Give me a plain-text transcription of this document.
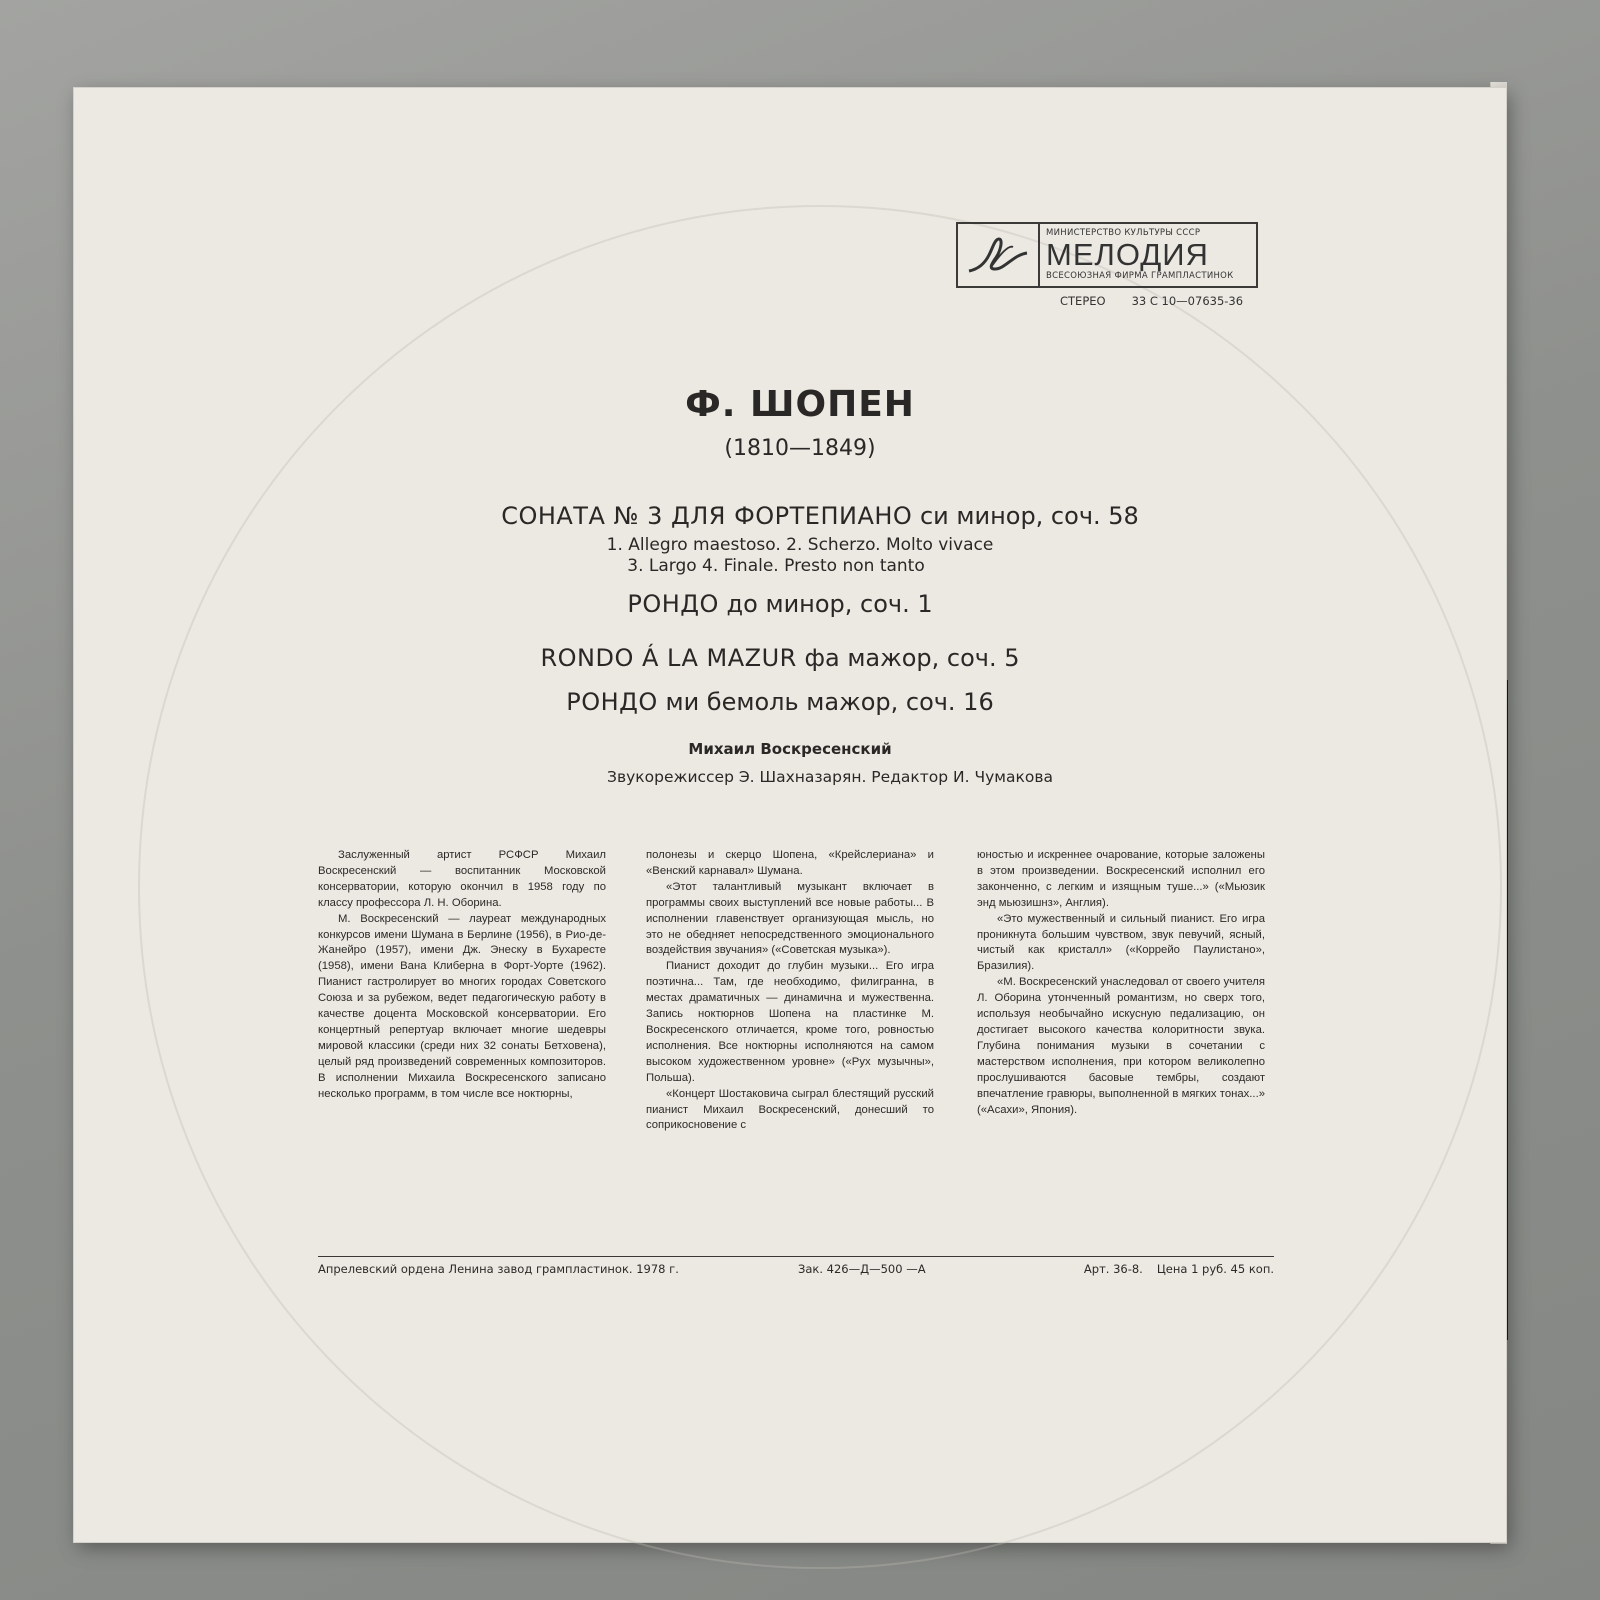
МИНИСТЕРСТВО КУЛЬТУРЫ СССР
МЕЛОДИЯ
ВСЕСОЮЗНАЯ ФИРМА ГРАМПЛАСТИНОК
СТЕРЕО 33 С 10—07635-36
Ф. ШОПЕН
(1810—1849)
СОНАТА № 3 ДЛЯ ФОРТЕПИАНО си минор, соч. 58
1. Allegro maestoso. 2. Scherzo. Molto vivace
3. Largo 4. Finale. Presto non tanto
РОНДО до минор, соч. 1
RONDO Á LA MAZUR фа мажор, соч. 5
РОНДО ми бемоль мажор, соч. 16
Михаил Воскресенский
Звукорежиссер Э. Шахназарян. Редактор И. Чумакова
Заслуженный артист РСФСР Михаил Воскресенский — воспитанник Московской консерватории, которую окончил в 1958 году по классу профессора Л. Н. Оборина.
М. Воскресенский — лауреат международных конкурсов имени Шумана в Берлине (1956), в Рио-де-Жанейро (1957), имени Дж. Энеску в Бухаресте (1958), имени Вана Клиберна в Форт-Уорте (1962). Пианист гастролирует во многих городах Советского Союза и за рубежом, ведет педагогическую работу в качестве доцента Московской консерватории. Его концертный репертуар включает многие шедевры мировой классики (среди них 32 сонаты Бетховена), целый ряд произведений современных композиторов. В исполнении Михаила Воскресенского записано несколько программ, в том числе все ноктюрны,
полонезы и скерцо Шопена, «Крейслериана» и «Венский карнавал» Шумана.
«Этот талантливый музыкант включает в программы своих выступлений все новые работы... В исполнении главенствует организующая мысль, но это не обедняет непосредственного эмоционального воздействия звучания» («Советская музыка»).
Пианист доходит до глубин музыки... Его игра поэтична... Там, где необходимо, филигранна, в местах драматичных — динамична и мужественна. Запись ноктюрнов Шопена на пластинке М. Воскресенского отличается, кроме того, ровностью исполнения. Все ноктюрны исполняются на самом высоком художественном уровне» («Рух музычны», Польша).
«Концерт Шостаковича сыграл блестящий русский пианист Михаил Воскресенский, донесший то соприкосновение с
юностью и искреннее очарование, которые заложены в этом произведении. Воскресенский исполнил его законченно, с легким и изящным туше...» («Мьюзик энд мьюзишнз», Англия).
«Это мужественный и сильный пианист. Его игра проникнута большим чувством, звук певучий, ясный, чистый как кристалл» («Коррейо Паулистано», Бразилия).
«М. Воскресенский унаследовал от своего учителя Л. Оборина утонченный романтизм, но сверх того, используя необычайно искусную педализацию, он достигает высокого качества колоритности звука. Глубина понимания музыки в сочетании с мастерством исполнения, при котором великолепно прослушиваются басовые тембры, создают впечатление гравюры, выполненной в мягких тонах...» («Асахи», Япония).
Апрелевский ордена Ленина завод грампластинок. 1978 г.	Зак. 426—Д—500 —А	Арт. 36-8. Цена 1 руб. 45 коп.
